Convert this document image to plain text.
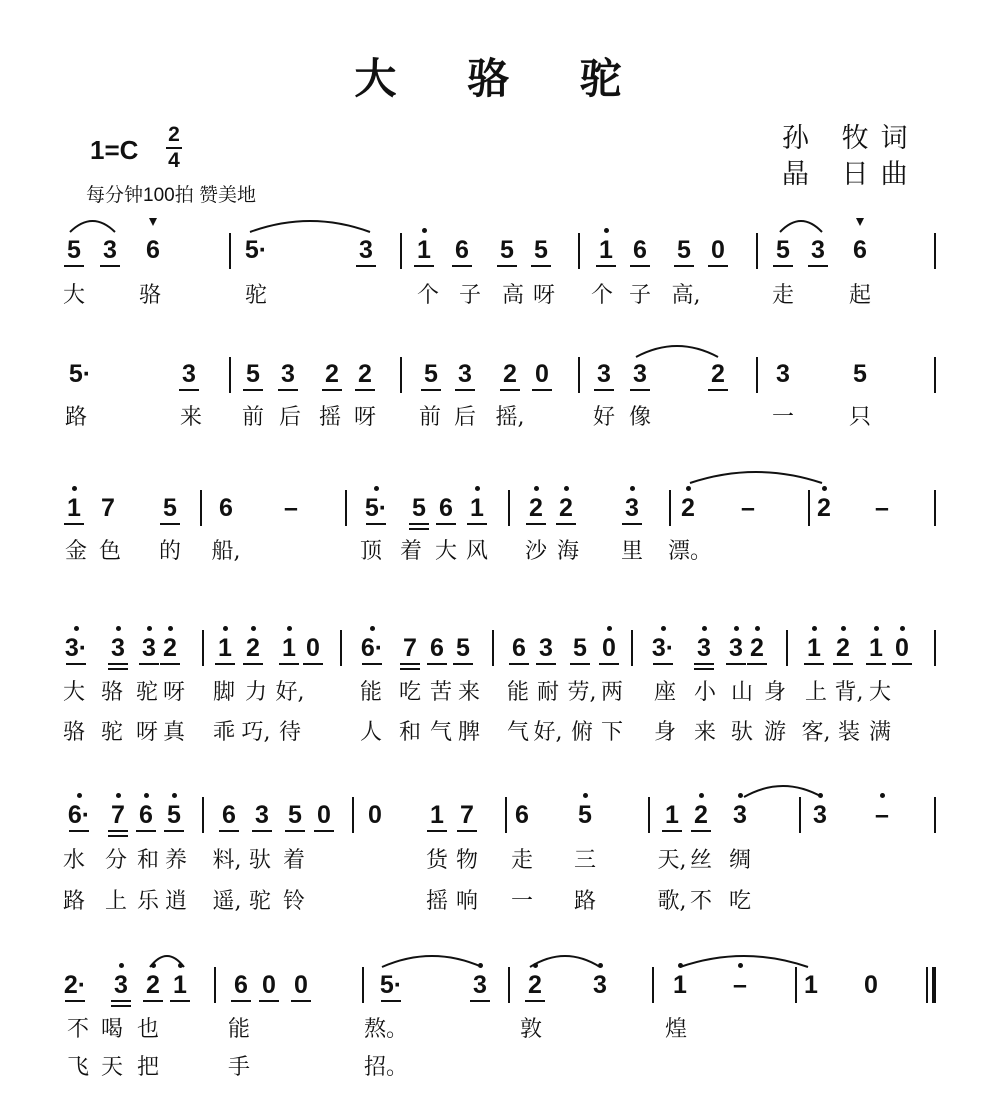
大 骆 驼
孙 牧词
晶 日曲
1=C
2
4
每分钟100拍 赞美地
5 3 6	5·	3 1 6 5 5 1 6 5 0 5 3 6
5·	3 5 3 2 2 5 3 2 0 3 3	2 3	5
1 7 5 6 –	5· 5 6 1 2 2 3 2 – 2 –
3· 3 3 2 1 2 1 0 6· 7 6 5 6 3 5 0 3· 3 3 2 1 2 1 0
6· 7 6 5 6 3 5 0 0 1 7 6 5	1 2 3	3 –
2· 3 2 1 6 0 0	5·	3 2 3	1 – 1 0
大 骆	驼	个 子 高 呀 个 子 高,	走 起
路	来 前 后 摇 呀 前 后 摇,	好 像	一 只
金 色 的 船,	顶 着 大 风 沙 海 里 漂。
大 骆 驼 呀 脚 力 好,	能 吃 苦 来 能 耐 劳, 两 座 小 山 身 上 背, 大
骆 驼 呀 真 乖 巧, 待	人 和 气 脾 气 好, 俯 下 身 来 驮 游 客, 装 满
水 分 和 养 料, 驮 着	货 物 走 三	天, 丝 绸
路 上 乐 逍 遥, 驼 铃	摇 响 一 路	歌, 不 吃
不 喝 也	能	熬。	敦	煌
飞 天 把	手	招。
